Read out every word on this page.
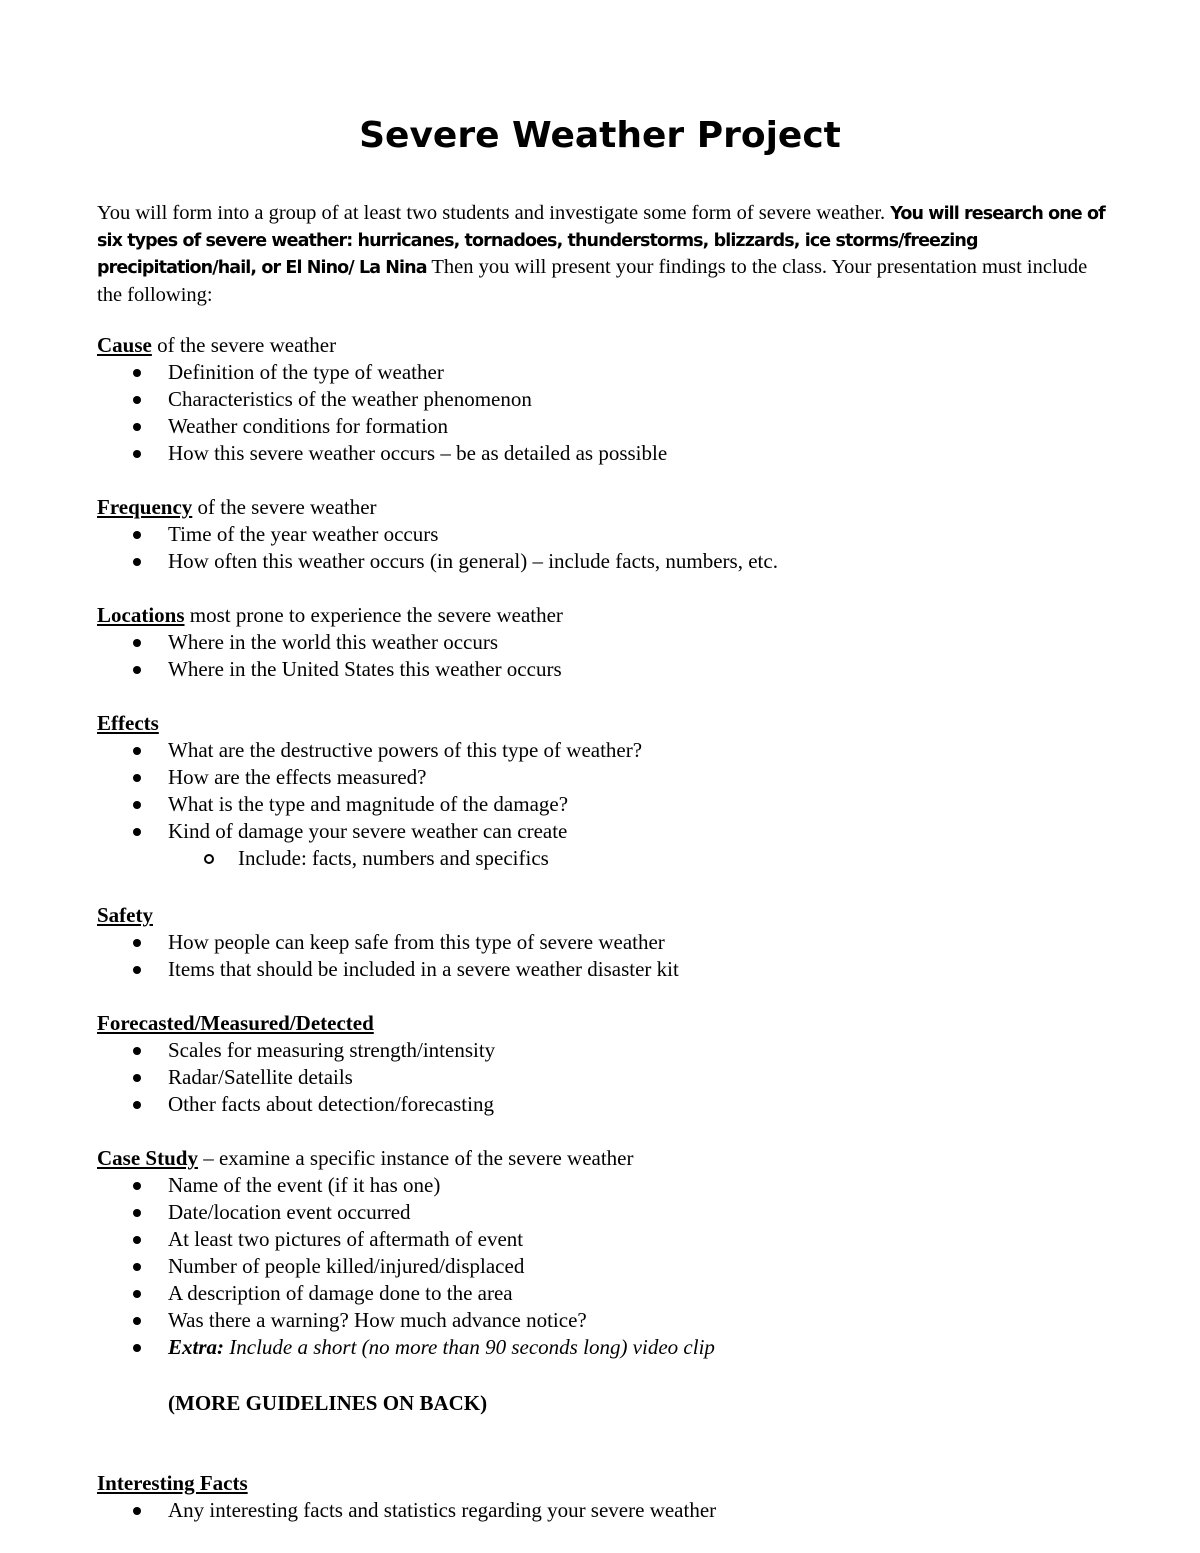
Severe Weather Project

You will form into a group of at least two students and investigate some form of severe weather. You will research one of six types of severe weather: hurricanes, tornadoes, thunderstorms, blizzards, ice storms/freezing precipitation/hail, or El Nino/ La Nina Then you will present your findings to the class. Your presentation must include the following:

Cause of the severe weather

Definition of the type of weather
Characteristics of the weather phenomenon
Weather conditions for formation
How this severe weather occurs – be as detailed as possible

Frequency of the severe weather

Time of the year weather occurs
How often this weather occurs (in general) – include facts, numbers, etc.

Locations most prone to experience the severe weather

Where in the world this weather occurs
Where in the United States this weather occurs

Effects

What are the destructive powers of this type of weather?
How are the effects measured?
What is the type and magnitude of the damage?
Kind of damage your severe weather can create
Include: facts, numbers and specifics

Safety

How people can keep safe from this type of severe weather
Items that should be included in a severe weather disaster kit

Forecasted/Measured/Detected

Scales for measuring strength/intensity
Radar/Satellite details
Other facts about detection/forecasting

Case Study – examine a specific instance of the severe weather

Name of the event (if it has one)
Date/location event occurred
At least two pictures of aftermath of event
Number of people killed/injured/displaced
A description of damage done to the area
Was there a warning? How much advance notice?
Extra: Include a short (no more than 90 seconds long) video clip

(MORE GUIDELINES ON BACK)

Interesting Facts

Any interesting facts and statistics regarding your severe weather
